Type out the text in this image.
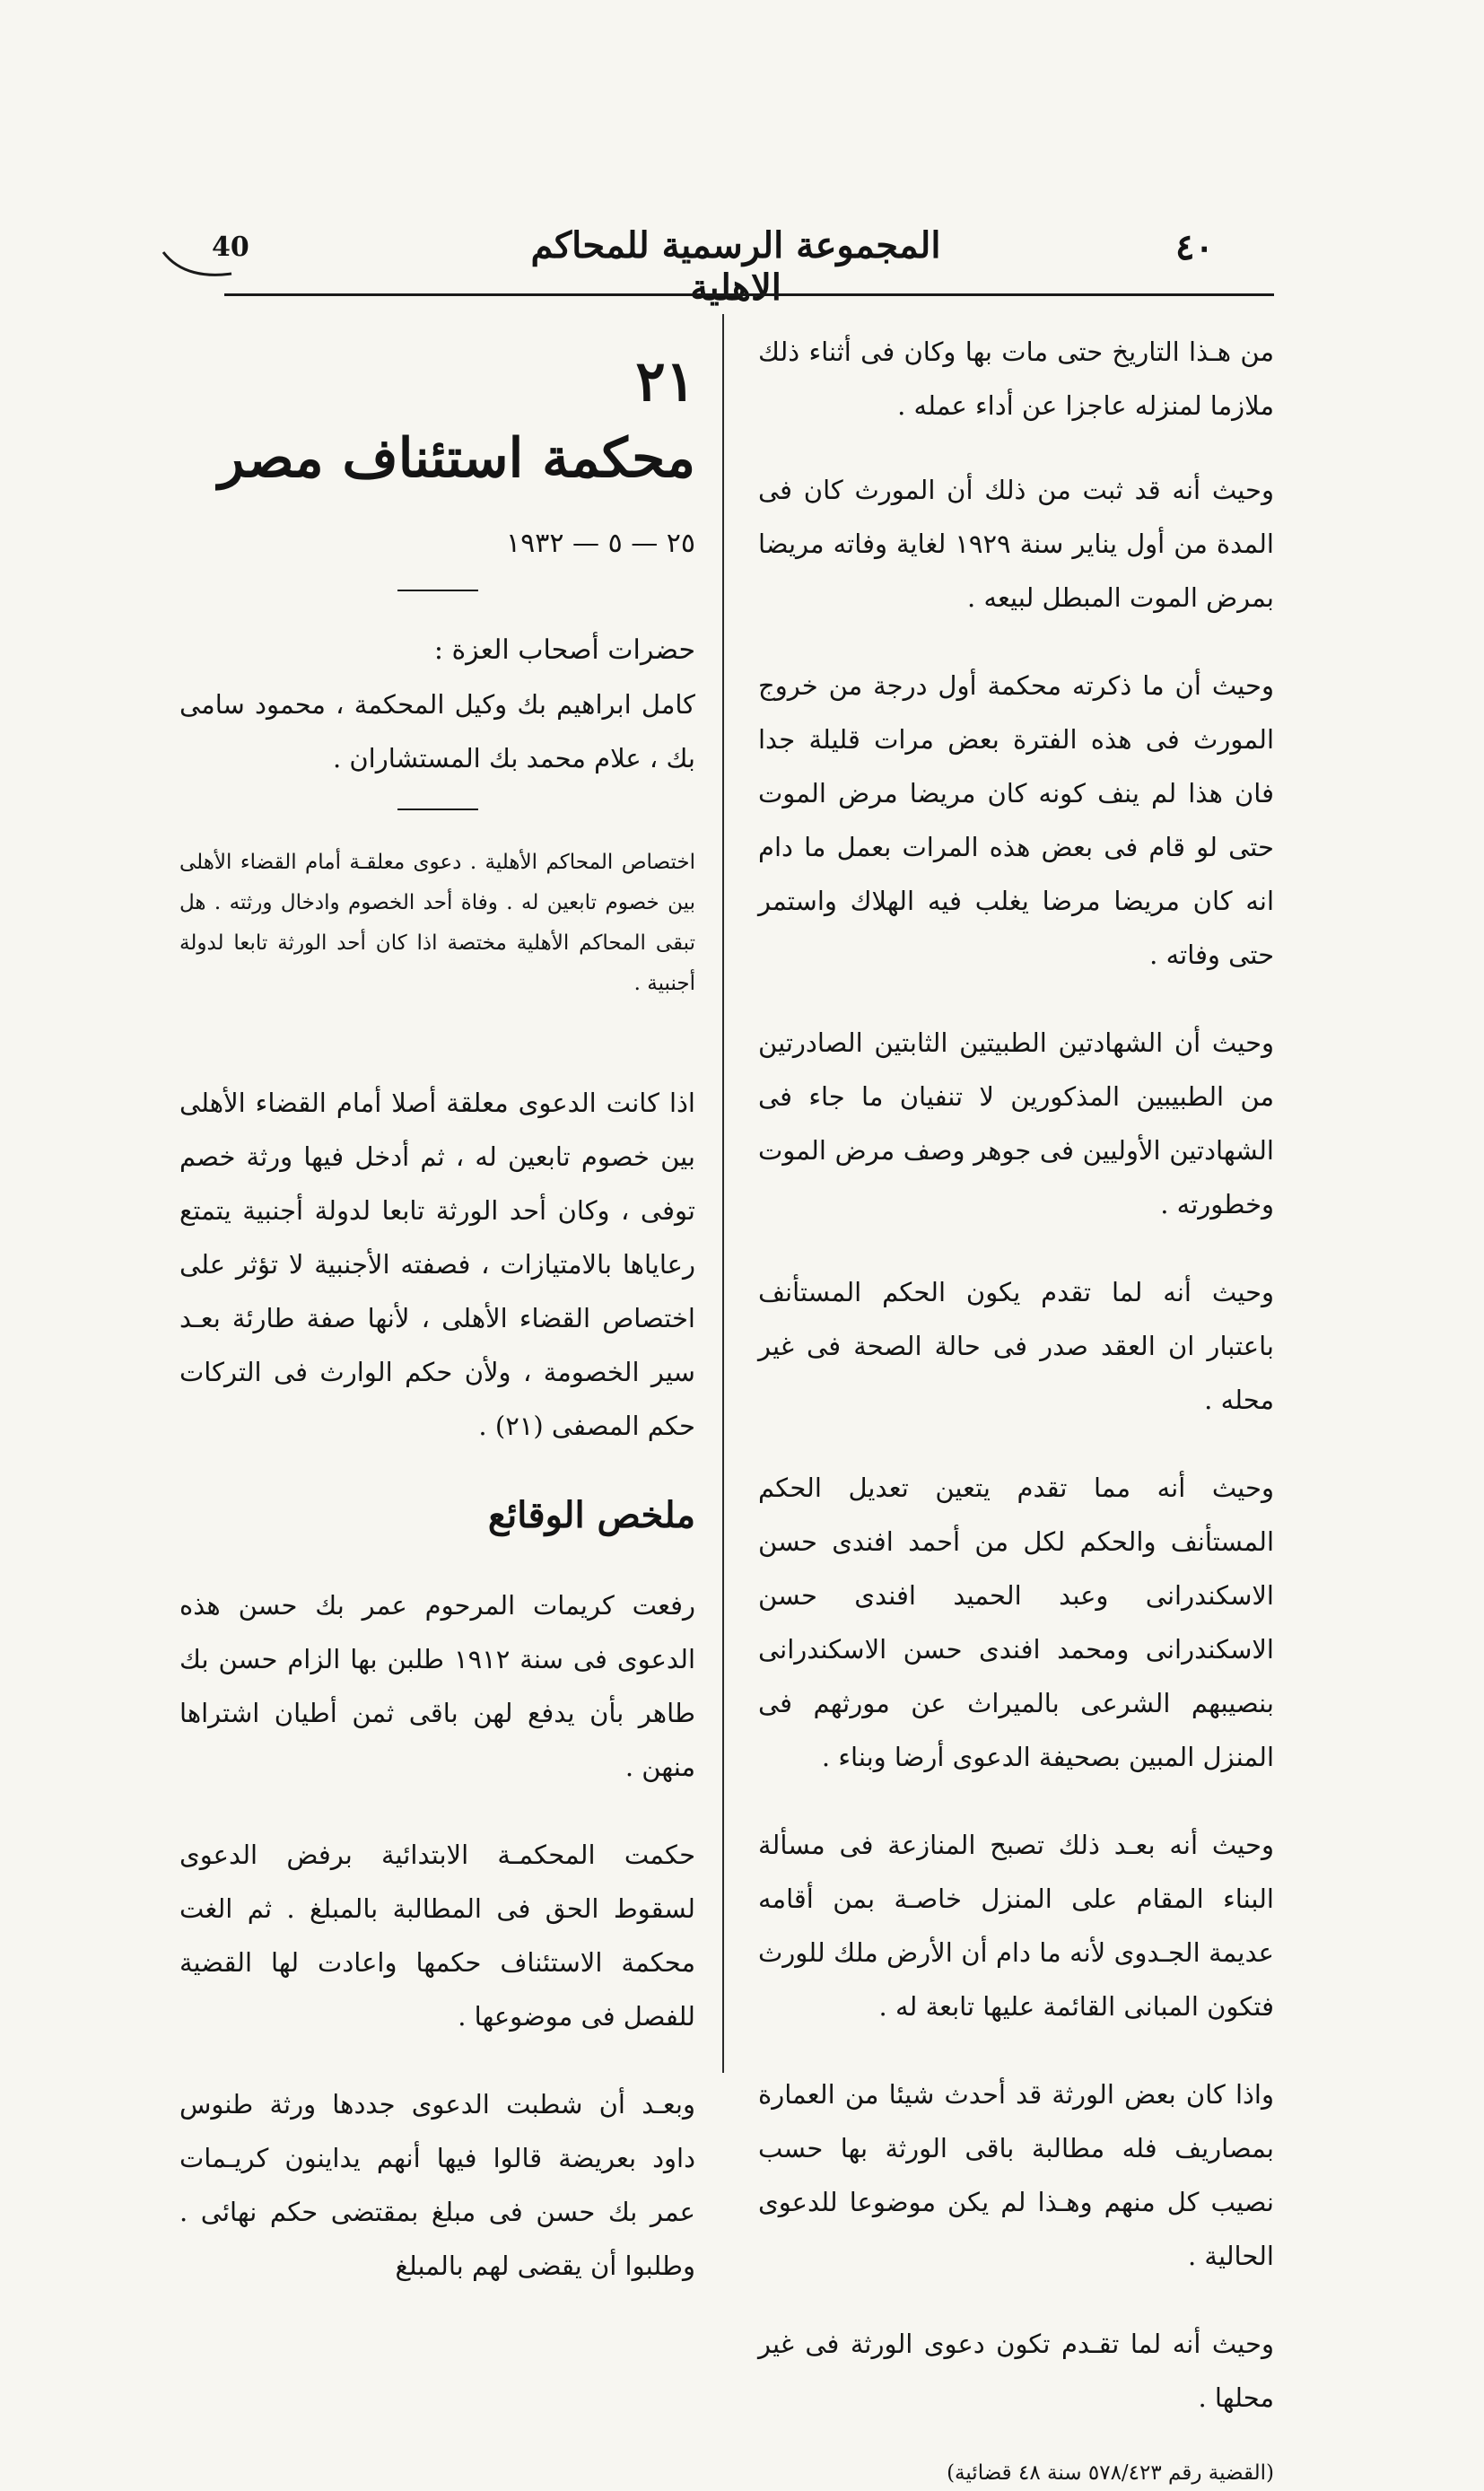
40	المجموعة الرسمية للمحاكم الاهلية
٤٠

من هـذا التاريخ حتى مات بها وكان فى أثناء ذلك ملازما لمنزله عاجزا عن أداء عمله .

وحيث أنه قد ثبت من ذلك أن المورث كان فى المدة من أول يناير سنة ١٩٢٩ لغاية وفاته مريضا بمرض الموت المبطل لبيعه .

وحيث أن ما ذكرته محكمة أول درجة من خروج المورث فى هذه الفترة بعض مرات قليلة جدا فان هذا لم ينف كونه كان مريضا مرض الموت حتى لو قام فى بعض هذه المرات بعمل ما دام انه كان مريضا مرضا يغلب فيه الهلاك واستمر حتى وفاته .

وحيث أن الشهادتين الطبيتين الثابتين الصادرتين من الطبيبين المذكورين لا تنفيان ما جاء فى الشهادتين الأوليين فى جوهر وصف مرض الموت وخطورته .

وحيث أنه لما تقدم يكون الحكم المستأنف باعتبار ان العقد صدر فى حالة الصحة فى غير محله .

وحيث أنه مما تقدم يتعين تعديل الحكم المستأنف والحكم لكل من أحمد افندى حسن الاسكندرانى وعبد الحميد افندى حسن الاسكندرانى ومحمد افندى حسن الاسكندرانى بنصيبهم الشرعى بالميراث عن مورثهم فى المنزل المبين بصحيفة الدعوى أرضا وبناء .

وحيث أنه بعـد ذلك تصبح المنازعة فى مسألة البناء المقام على المنزل خاصـة بمن أقامه عديمة الجـدوى لأنه ما دام أن الأرض ملك للورث فتكون المبانى القائمة عليها تابعة له .

واذا كان بعض الورثة قد أحدث شيئا من العمارة بمصاريف فله مطالبة باقى الورثة بها حسب نصيب كل منهم وهـذا لم يكن موضوعا للدعوى الحالية .

وحيث أنه لما تقـدم تكون دعوى الورثة فى غير محلها .

(القضية رقم ٥٧٨/٤٢٣ سنة ٤٨ قضائية)
٢١
محكمة استئناف مصر
٢٥ — ٥ — ١٩٣٢

حضرات أصحاب العزة :

كامل ابراهيم بك وكيل المحكمة ، محمود سامى بك ، علام محمد بك المستشاران .

اختصاص المحاكم الأهلية . دعوى معلقـة أمام القضاء الأهلى بين خصوم تابعين له . وفاة أحد الخصوم وادخال ورثته . هل تبقى المحاكم الأهلية مختصة اذا كان أحد الورثة تابعا لدولة أجنبية .

اذا كانت الدعوى معلقة أصلا أمام القضاء الأهلى بين خصوم تابعين له ، ثم أدخل فيها ورثة خصم توفى ، وكان أحد الورثة تابعا لدولة أجنبية يتمتع رعاياها بالامتيازات ، فصفته الأجنبية لا تؤثر على اختصاص القضاء الأهلى ، لأنها صفة طارئة بعـد سير الخصومة ، ولأن حكم الوارث فى التركات حكم المصفى (٢١) .

ملخص الوقائع

رفعت كريمات المرحوم عمر بك حسن هذه الدعوى فى سنة ١٩١٢ طلبن بها الزام حسن بك طاهر بأن يدفع لهن باقى ثمن أطيان اشتراها منهن .

حكمت المحكمـة الابتدائية برفض الدعوى لسقوط الحق فى المطالبة بالمبلغ . ثم الغت محكمة الاستئناف حكمها واعادت لها القضية للفصل فى موضوعها .

وبعـد أن شطبت الدعوى جددها ورثة طنوس داود بعريضة قالوا فيها أنهم يداينون كريـمات عمر بك حسن فى مبلغ بمقتضى حكم نهائى . وطلبوا أن يقضى لهم بالمبلغ
